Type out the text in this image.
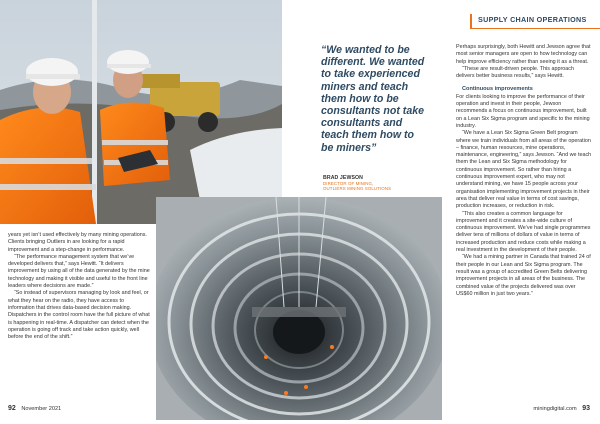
years yet isn’t used effectively by many mining operations. Clients bringing Outliers in are looking for a rapid improvement and a step-change in performance.

“The performance management system that we’ve developed delivers that,” says Hewitt. “It delivers improvement by using all of the data generated by the mine technology and making it visible and useful to the front line leaders where decisions are made.”

“So instead of supervisors managing by look and feel, or what they hear on the radio, they have access to information that drives data-based decision making. Dispatchers in the control room have the full picture of what is happening in real-time. A dispatcher can detect when the operation is going off track and take action quickly, well before the end of the shift.”

“We wanted to be different. We wanted to take experienced miners and teach them how to be consultants not take consultants and teach them how to be miners”
BRAD JEWSON
DIRECTOR OF MINING,
OUTLIERS MINING SOLUTIONS
SUPPLY CHAIN OPERATIONS

Perhaps surprisingly, both Hewitt and Jewson agree that most senior managers are open to how technology can help improve efficiency rather than seeing it as a threat.

“These are result-driven people. This approach delivers better business results,” says Hewitt.

Continuous improvements

For clients looking to improve the performance of their operation and invest in their people, Jewson recommends a focus on continuous improvement, built on a Lean Six Sigma program and specific to the mining industry.

“We have a Lean Six Sigma Green Belt program where we train individuals from all areas of the operation – finance, human resources, mine operations, maintenance, engineering,” says Jewson. “And we teach them the Lean and Six Sigma methodology for continuous improvement. So rather than hiring a continuous improvement expert, who may not understand mining, we have 15 people across your organisation implementing improvement projects in their area that deliver real value in terms of cost savings, production increases, or reduction in risk.

“This also creates a common language for improvement and it creates a site-wide culture of continuous improvement. We’ve had single programmes deliver tens of millions of dollars of value in terms of increased production and reduce costs while making a real investment in the development of their people.

“We had a mining partner in Canada that trained 24 of their people in our Lean and Six Sigma program. The result was a group of accredited Green Belts delivering improvement projects in all areas of the business. The combined value of the projects delivered was over US$60 million in just two years.”

92 November 2021	miningdigital.com 93
